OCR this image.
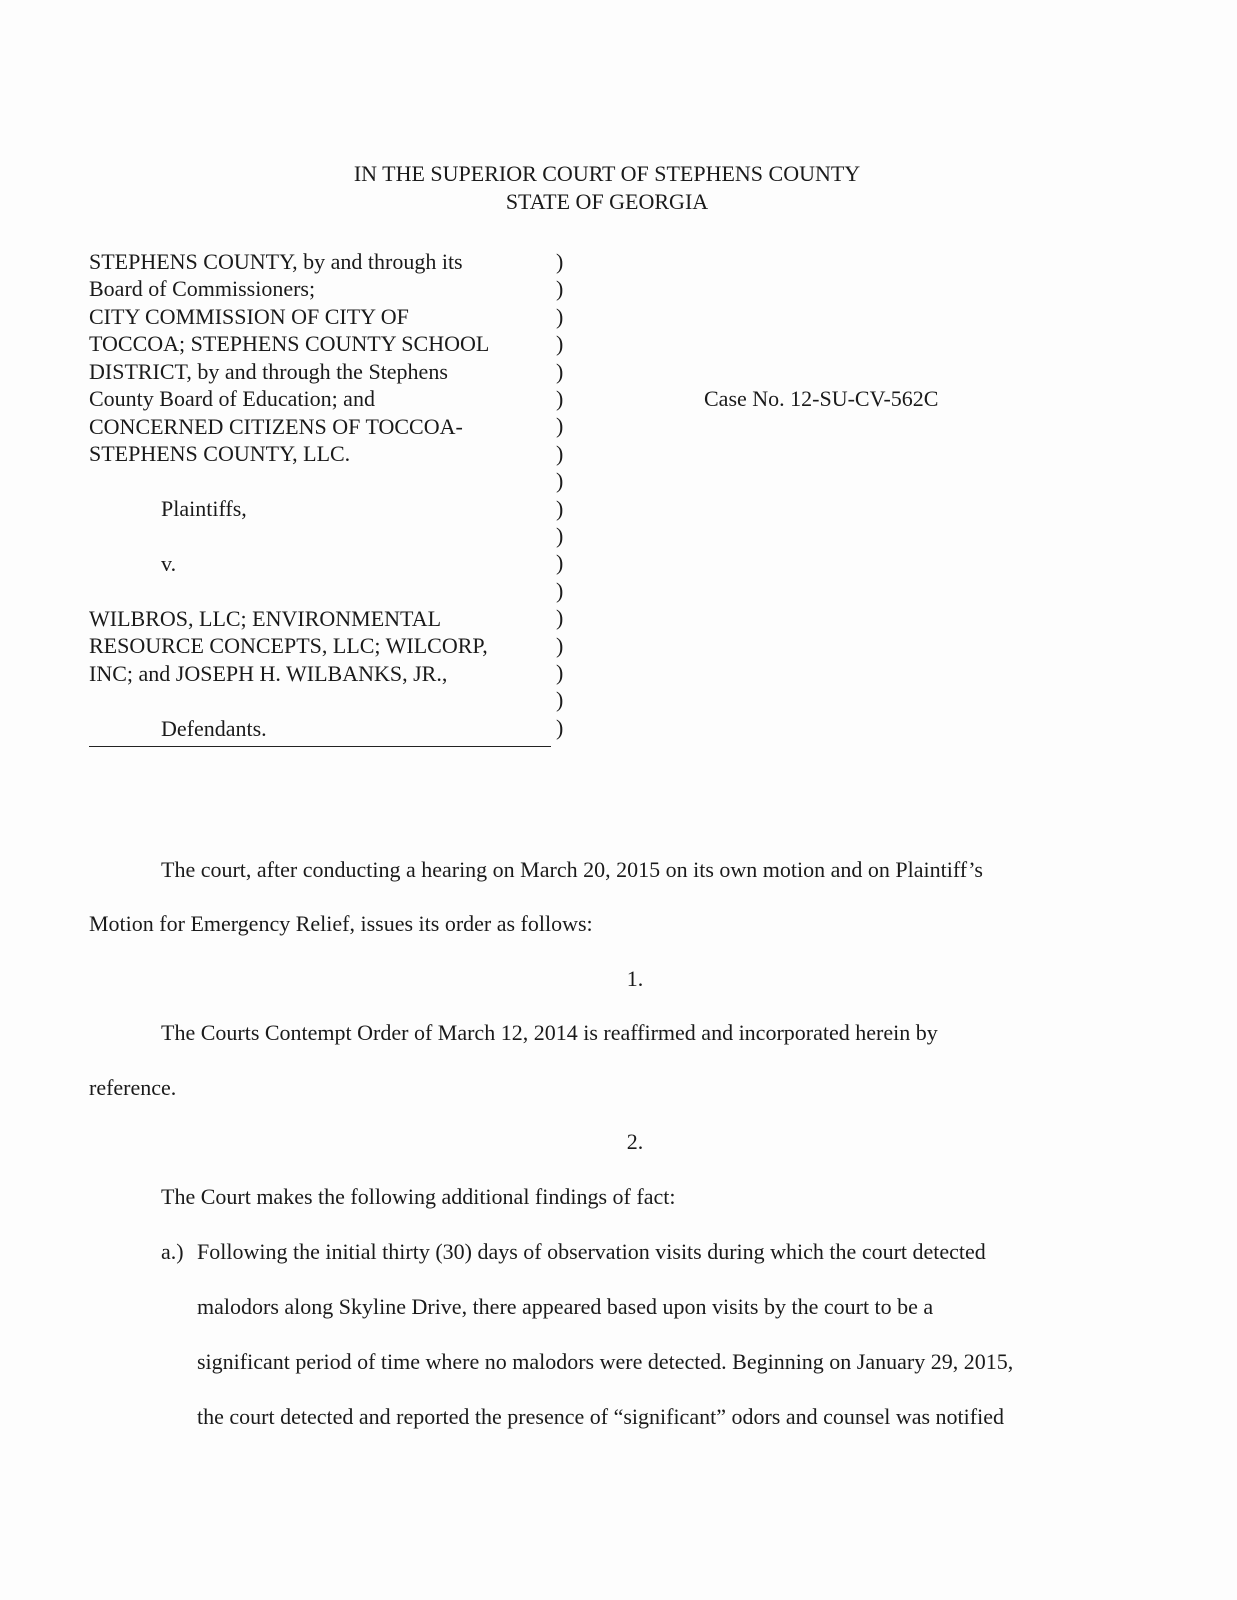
IN THE SUPERIOR COURT OF STEPHENS COUNTY
STATE OF GEORGIA
STEPHENS COUNTY, by and through its
Board of Commissioners;
CITY COMMISSION OF CITY OF
TOCCOA; STEPHENS COUNTY SCHOOL
DISTRICT, by and through the Stephens
County Board of Education; and
CONCERNED CITIZENS OF TOCCOA-
STEPHENS COUNTY, LLC.
Plaintiffs,
v.
WILBROS, LLC; ENVIRONMENTAL
RESOURCE CONCEPTS, LLC; WILCORP,
INC; and JOSEPH H. WILBANKS, JR.,
Defendants.
)
)
)
)
)
)
)
)
)
)
)
)
)
)
)
)
)
)
Case No. 12-SU-CV-562C
The court, after conducting a hearing on March 20, 2015 on its own motion and on Plaintiff’s
Motion for Emergency Relief, issues its order as follows:
1.
The Courts Contempt Order of March 12, 2014 is reaffirmed and incorporated herein by
reference.
2.
The Court makes the following additional findings of fact:
a.) Following the initial thirty (30) days of observation visits during which the court detected
malodors along Skyline Drive, there appeared based upon visits by the court to be a
significant period of time where no malodors were detected. Beginning on January 29, 2015,
the court detected and reported the presence of “significant” odors and counsel was notified
